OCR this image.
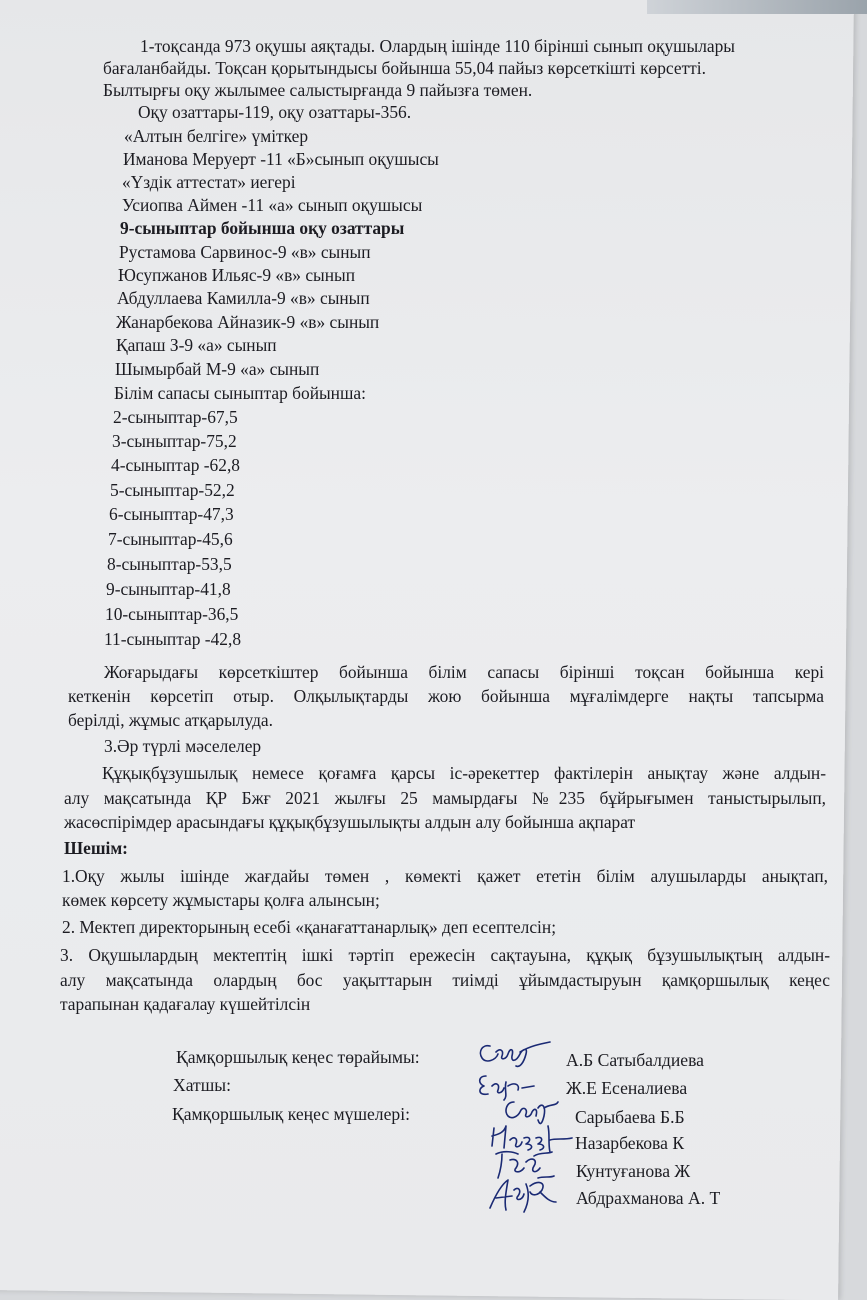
1-тоқсанда 973 оқушы аяқтады. Олардың ішінде 110 бірінші сынып оқушылары
бағаланбайды. Тоқсан қорытындысы бойынша 55,04 пайыз көрсеткішті көрсетті.
Былтырғы оқу жылымее салыстырғанда 9 пайызға төмен.
Оқу озаттары-119, оқу озаттары-356.
«Алтын белгіге» үміткер
Иманова Меруерт -11 «Б»сынып оқушысы
«Үздік аттестат» иегері
Усиопва Аймен -11 «а» сынып оқушысы
9-сыныптар бойынша оқу озаттары
Рустамова Сарвинос-9 «в» сынып
Юсупжанов Ильяс-9 «в» сынып
Абдуллаева Камилла-9 «в» сынып
Жанарбекова Айназик-9 «в» сынып
Қапаш З-9 «а» сынып
Шымырбай М-9 «а» сынып
Білім сапасы сыныптар бойынша:
2-сыныптар-67,5
3-сыныптар-75,2
4-сыныптар -62,8
5-сыныптар-52,2
6-сыныптар-47,3
7-сыныптар-45,6
8-сыныптар-53,5
9-сыныптар-41,8
10-сыныптар-36,5
11-сыныптар -42,8
Жоғарыдағы көрсеткіштер бойынша білім сапасы бірінші тоқсан бойынша кері
кеткенін көрсетіп отыр. Олқылықтарды жою бойынша мұғалімдерге нақты тапсырма
берілді, жұмыс атқарылуда.
3.Әр түрлі мәселелер
Құқықбұзушылық немесе қоғамға қарсы іс-әрекеттер фактілерін анықтау және алдын-
алу мақсатында ҚР Бжғ 2021 жылғы 25 мамырдағы №235 бұйрығымен таныстырылып,
жасөспірімдер арасындағы құқықбұзушылықты алдын алу бойынша ақпарат
Шешім:
1.Оқу жылы ішінде жағдайы төмен , көмекті қажет ететін білім алушыларды анықтап,
көмек көрсету жұмыстары қолға алынсын;
2. Мектеп директорының есебі «қанағаттанарлық» деп есептелсін;
3. Оқушылардың мектептің ішкі тәртіп ережесін сақтауына, құқық бұзушылықтың алдын-
алу мақсатында олардың бос уақыттарын тиімді ұйымдастыруын қамқоршылық кеңес
тарапынан қадағалау күшейтілсін
Қамқоршылық кеңес төрайымы:	А.Б Сатыбалдиева
Хатшы:	Ж.Е Есеналиева
Қамқоршылық кеңес мүшелері:	Сарыбаева Б.Б
Назарбекова К
Кунтуғанова Ж
Абдрахманова А. Т
